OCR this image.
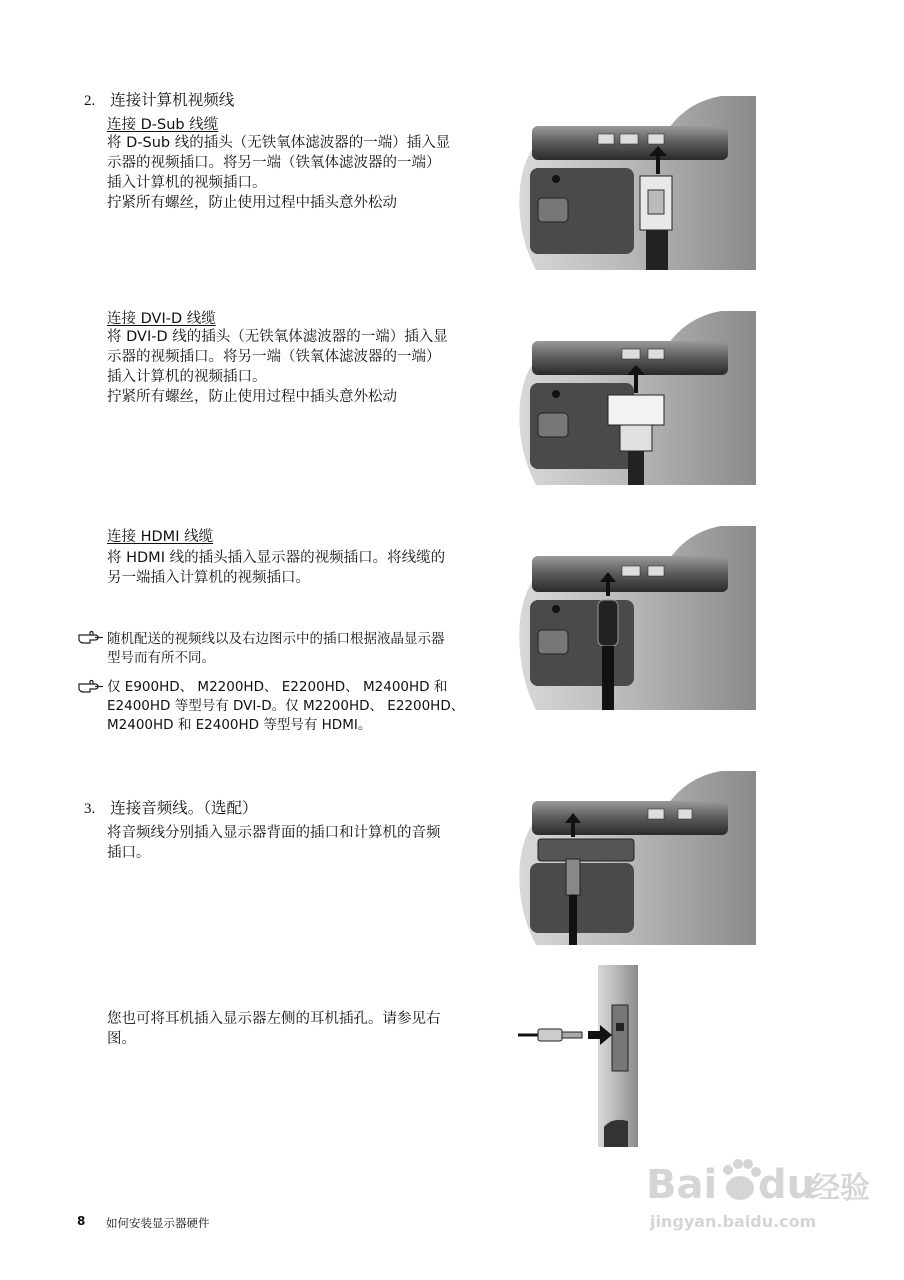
2. 连接计算机视频线
连接 D-Sub 线缆

将 D-Sub 线的插头（无铁氧体滤波器的一端）插入显

示器的视频插口。将另一端（铁氧体滤波器的一端）

插入计算机的视频插口。

拧紧所有螺丝，防止使用过程中插头意外松动

连接 DVI-D 线缆

将 DVI-D 线的插头（无铁氧体滤波器的一端）插入显

示器的视频插口。将另一端（铁氧体滤波器的一端）

插入计算机的视频插口。

拧紧所有螺丝，防止使用过程中插头意外松动

连接 HDMI 线缆

将 HDMI 线的插头插入显示器的视频插口。将线缆的

另一端插入计算机的视频插口。

随机配送的视频线以及右边图示中的插口根据液晶显示器
型号而有所不同。
仅 E900HD、 M2200HD、 E2200HD、 M2400HD 和
E2400HD 等型号有 DVI-D。仅 M2200HD、 E2200HD、
M2400HD 和 E2400HD 等型号有 HDMI。
3. 连接音频线。（选配）

将音频线分别插入显示器背面的插口和计算机的音频

插口。

您也可将耳机插入显示器左侧的耳机插孔。请参见右

图。

8 如何安装显示器硬件
Bai du
经验
jingyan.baidu.com
